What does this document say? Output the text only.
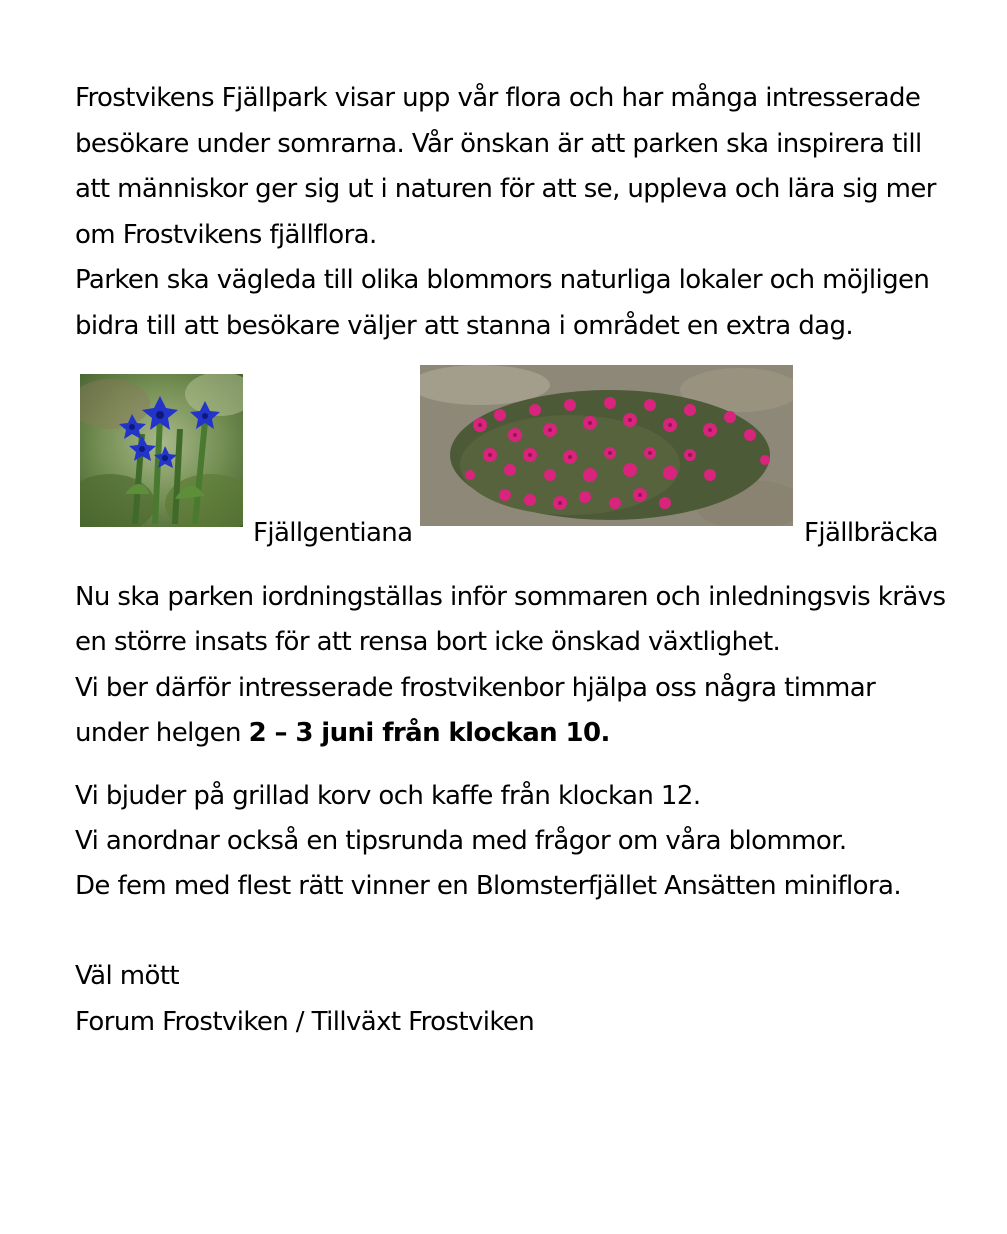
Frostvikens Fjällpark visar upp vår flora och har många intresserade
besökare under somrarna. Vår önskan är att parken ska inspirera till
att människor ger sig ut i naturen för att se, uppleva och lära sig mer
om Frostvikens fjällflora.
Parken ska vägleda till olika blommors naturliga lokaler och möjligen
bidra till att besökare väljer att stanna i området en extra dag.
Fjällgentiana	Fjällbräcka
Nu ska parken iordningställas inför sommaren och inledningsvis krävs
en större insats för att rensa bort icke önskad växtlighet.
Vi ber därför intresserade frostvikenbor hjälpa oss några timmar
under helgen 2 – 3 juni från klockan 10.
Vi bjuder på grillad korv och kaffe från klockan 12.
Vi anordnar också en tipsrunda med frågor om våra blommor.
De fem med flest rätt vinner en Blomsterfjället Ansätten miniflora.
Väl mött
Forum Frostviken / Tillväxt Frostviken
